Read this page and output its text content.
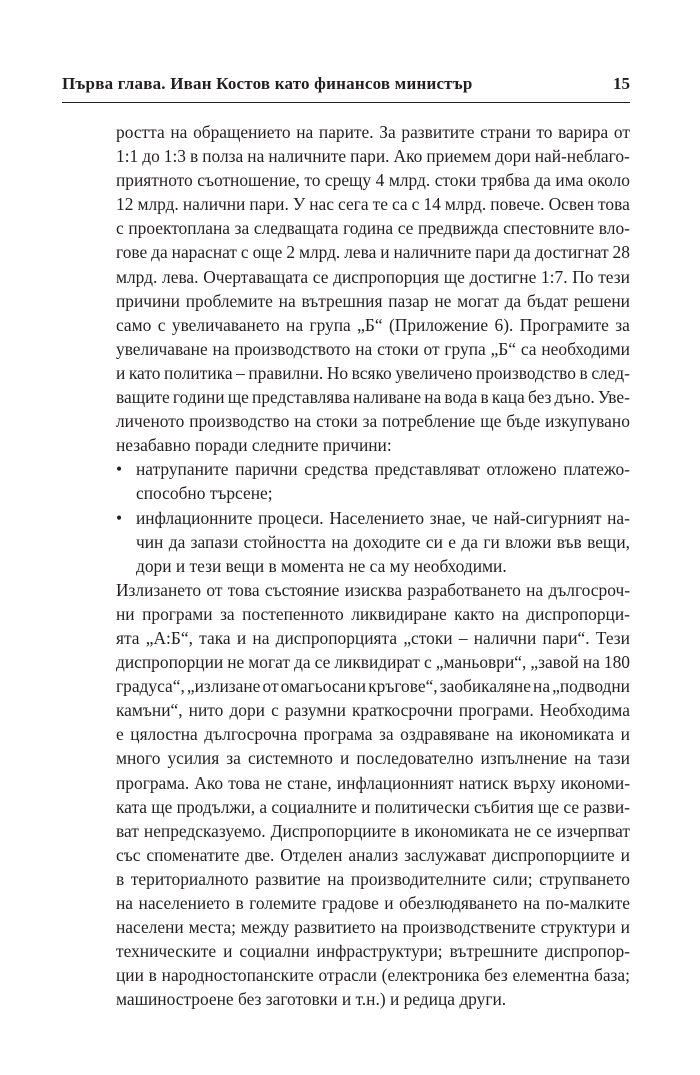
Първа глава. Иван Костов като финансов министър	15
ростта на обращението на парите. За развитите страни то варира от
1:1 до 1:3 в полза на наличните пари. Ако приемем дори най-неблаго-
приятното съотношение, то срещу 4 млрд. стоки трябва да има около
12 млрд. налични пари. У нас сега те са с 14 млрд. повече. Освен това
с проектоплана за следващата година се предвижда спестовните вло-
гове да нараснат с още 2 млрд. лева и наличните пари да достигнат 28
млрд. лева. Очертаващата се диспропорция ще достигне 1:7. По тези
причини проблемите на вътрешния пазар не могат да бъдат решени
само с увеличаването на група „Б“ (Приложение 6). Програмите за
увеличаване на производството на стоки от група „Б“ са необходими
и като политика – правилни. Но всяко увеличено производство в след-
ващите години ще представлява наливане на вода в каца без дъно. Уве-
личеното производство на стоки за потребление ще бъде изкупувано
незабавно поради следните причини:
• натрупаните парични средства представляват отложено платежо-
способно търсене;
• инфлационните процеси. Населението знае, че най-сигурният на-
чин да запази стойността на доходите си е да ги вложи във вещи,
дори и тези вещи в момента не са му необходими.
Излизането от това състояние изисква разработването на дългосроч-
ни програми за постепенното ликвидиране както на диспропорци-
ята „А:Б“, така и на диспропорцията „стоки – налични пари“. Тези
диспропорции не могат да се ликвидират с „маньоври“, „завой на 180
градуса“, „излизане от омагьосани кръгове“, заобикаляне на „подводни
камъни“, нито дори с разумни краткосрочни програми. Необходима
е цялостна дългосрочна програма за оздравяване на икономиката и
много усилия за системното и последователно изпълнение на тази
програма. Ако това не стане, инфлационният натиск върху икономи-
ката ще продължи, а социалните и политически събития ще се разви-
ват непредсказуемо. Диспропорциите в икономиката не се изчерпват
със споменатите две. Отделен анализ заслужават диспропорциите и
в териториалното развитие на производителните сили; струпването
на населението в големите градове и обезлюдяването на по-малките
населени места; между развитието на производствените структури и
техническите и социални инфраструктури; вътрешните диспропор-
ции в народностопанските отрасли (електроника без елементна база;
машиностроене без заготовки и т.н.) и редица други.
